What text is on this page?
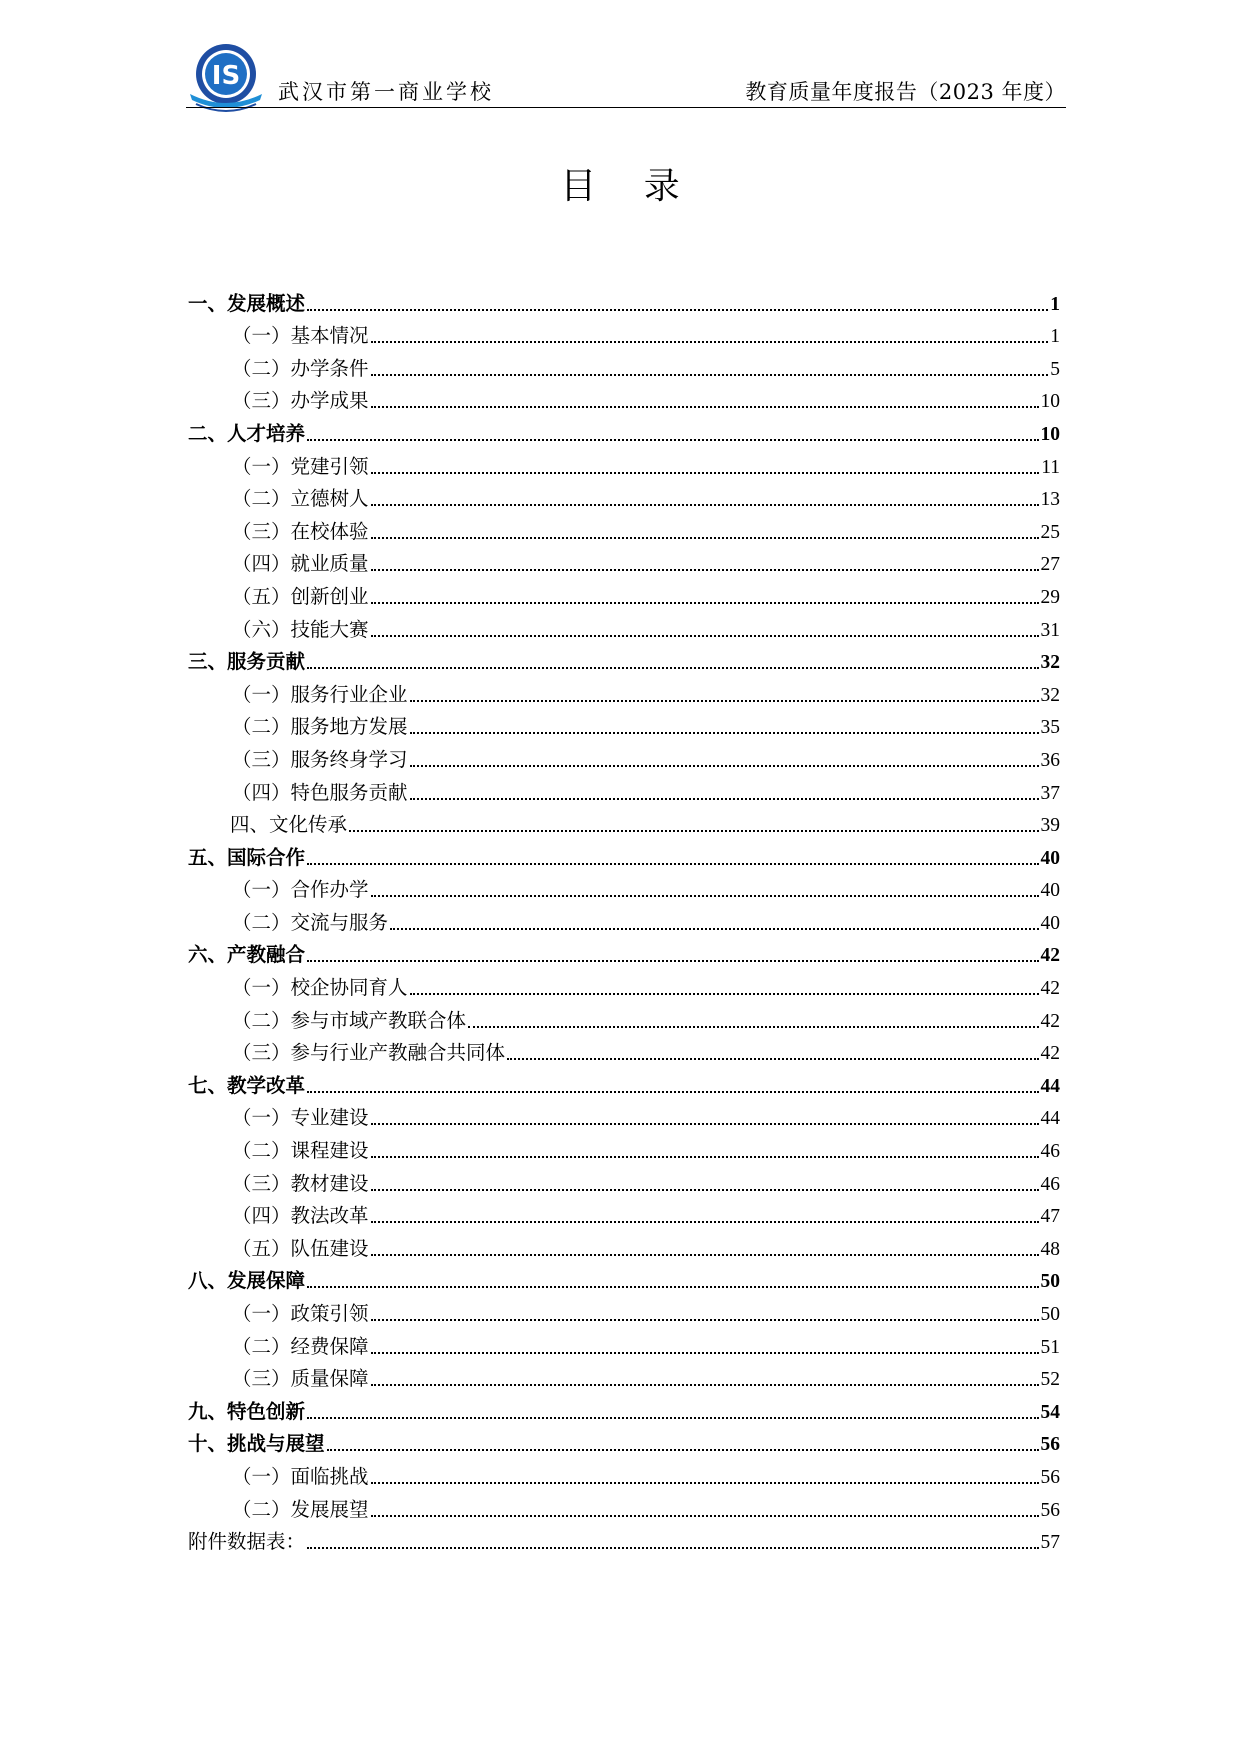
IS
武汉市第一商业学校	教育质量年度报告（2023 年度）
目 录
一、发展概述	1
（一）基本情况	1
（二）办学条件	5
（三）办学成果	10
二、人才培养	10
（一）党建引领	11
（二）立德树人	13
（三）在校体验	25
（四）就业质量	27
（五）创新创业	29
（六）技能大赛	31
三、服务贡献	32
（一）服务行业企业	32
（二）服务地方发展	35
（三）服务终身学习	36
（四）特色服务贡献	37
四、文化传承	39
五、国际合作	40
（一）合作办学	40
（二）交流与服务	40
六、产教融合	42
（一）校企协同育人	42
（二）参与市域产教联合体	42
（三）参与行业产教融合共同体	42
七、教学改革	44
（一）专业建设	44
（二）课程建设	46
（三）教材建设	46
（四）教法改革	47
（五）队伍建设	48
八、发展保障	50
（一）政策引领	50
（二）经费保障	51
（三）质量保障	52
九、特色创新	54
十、挑战与展望	56
（一）面临挑战	56
（二）发展展望	56
附件数据表：	57
